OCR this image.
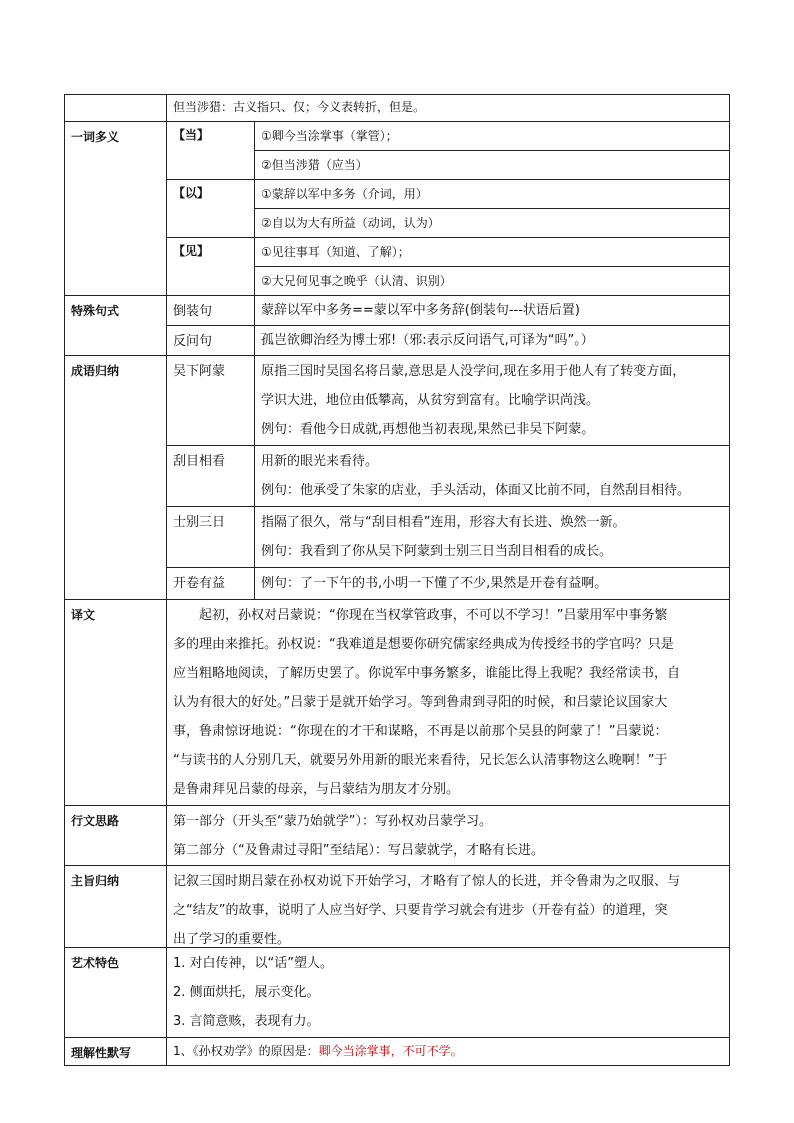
但当涉猎：古义指只、仅；今义表转折，但是。
一词多义	【当】	①卿今当涂掌事（掌管）；
②但当涉猎（应当）
【以】	①蒙辞以军中多务（介词，用）
②自以为大有所益（动词，认为）
【见】	①见往事耳（知道、了解）；
②大兄何见事之晚乎（认清、识别）
特殊句式	倒装句	蒙辞以军中多务==蒙以军中多务辞(倒装句---状语后置)
反问句	孤岂欲卿治经为博士邪!（邪:表示反问语气,可译为“吗”。）
成语归纳	吴下阿蒙	原指三国时吴国名将吕蒙,意思是人没学问,现在多用于他人有了转变方面，

学识大进，地位由低攀高，从贫穷到富有。比喻学识尚浅。

例句：看他今日成就,再想他当初表现,果然已非吴下阿蒙。

刮目相看	用新的眼光来看待。

例句：他承受了朱家的店业，手头活动，体面又比前不同，自然刮目相待。

士别三日	指隔了很久，常与“刮目相看”连用，形容大有长进、焕然一新。

例句：我看到了你从吴下阿蒙到士别三日当刮目相看的成长。

开卷有益	例句：了一下午的书,小明一下懂了不少,果然是开卷有益啊。

译文	起初，孙权对吕蒙说：“你现在当权掌管政事，不可以不学习！”吕蒙用军中事务繁

多的理由来推托。孙权说：“我难道是想要你研究儒家经典成为传授经书的学官吗？只是

应当粗略地阅读，了解历史罢了。你说军中事务繁多，谁能比得上我呢？我经常读书，自

认为有很大的好处。”吕蒙于是就开始学习。等到鲁肃到寻阳的时候，和吕蒙论议国家大

事，鲁肃惊讶地说：“你现在的才干和谋略，不再是以前那个吴县的阿蒙了！”吕蒙说：

“与读书的人分别几天，就要另外用新的眼光来看待，兄长怎么认清事物这么晚啊！”于

是鲁肃拜见吕蒙的母亲，与吕蒙结为朋友才分别。

行文思路	第一部分（开头至“蒙乃始就学”）：写孙权劝吕蒙学习。

第二部分（“及鲁肃过寻阳”至结尾）：写吕蒙就学，才略有长进。

主旨归纳	记叙三国时期吕蒙在孙权劝说下开始学习，才略有了惊人的长进，并令鲁肃为之叹服、与

之“结友”的故事，说明了人应当好学、只要肯学习就会有进步（开卷有益）的道理，突

出了学习的重要性。

艺术特色	1. 对白传神，以“话”塑人。

2. 侧面烘托，展示变化。

3. 言简意赅，表现有力。

理解性默写	1、《孙权劝学》的原因是：卿今当涂掌事，不可不学。
